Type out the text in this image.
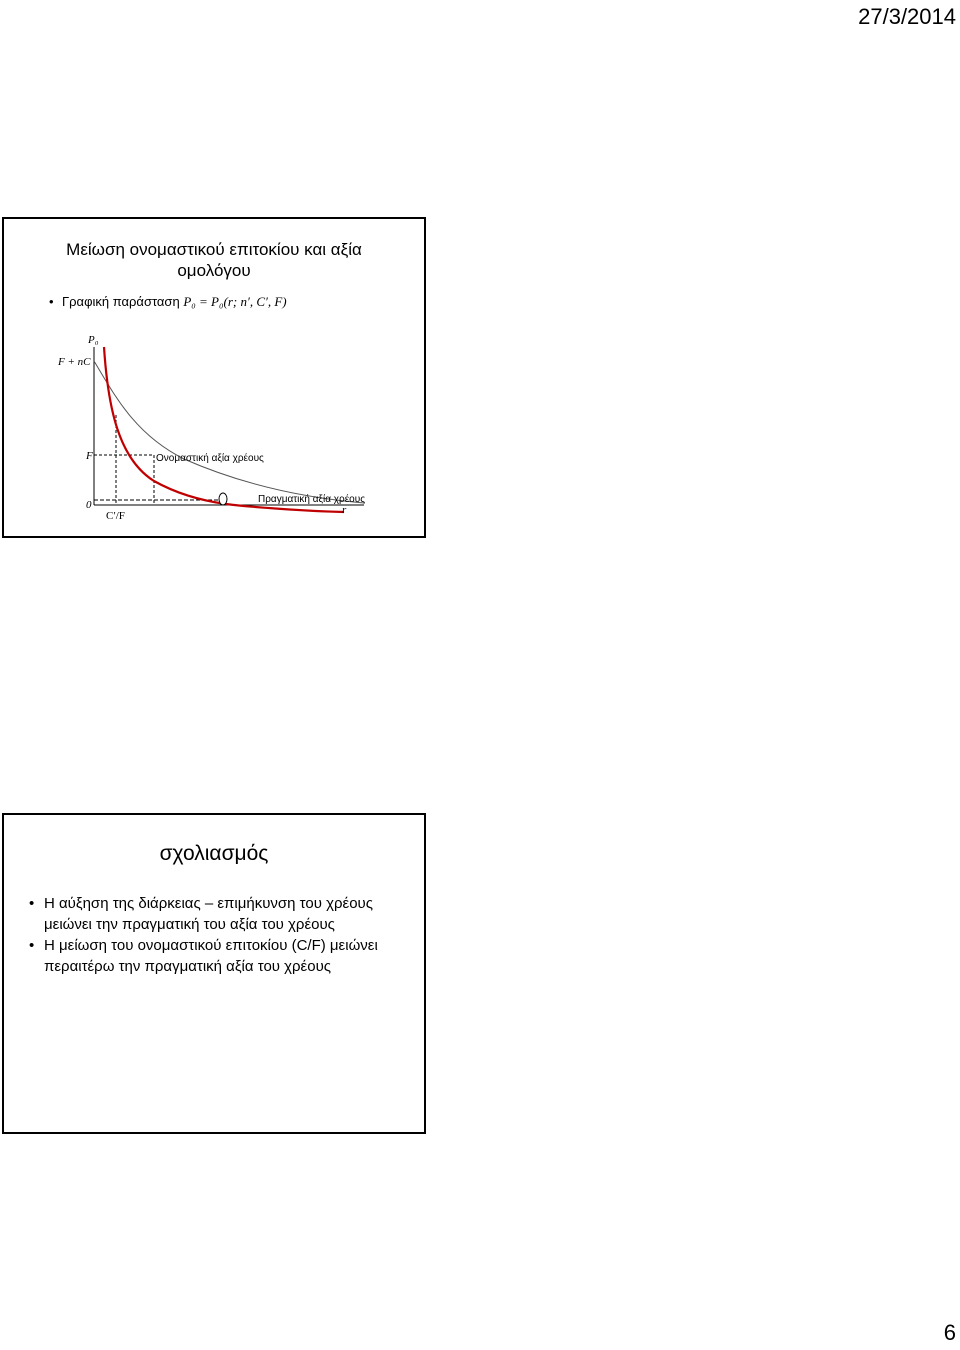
27/3/2014
Μείωση ονομαστικού επιτοκίου και αξία
ομολόγου
• Γραφική παράσταση P₀ = P₀(r; n′, C′, F)
P₀
F + nC
F
0
C′/F	r
Ονομαστική αξία χρέους
Πραγματική αξία χρέους
σχολιασμός
• Η αύξηση της διάρκειας – επιμήκυνση του χρέους μειώνει την πραγματική του αξία του χρέους
• Η μείωση του ονομαστικού επιτοκίου (C/F) μειώνει περαιτέρω την πραγματική αξία του χρέους
6
